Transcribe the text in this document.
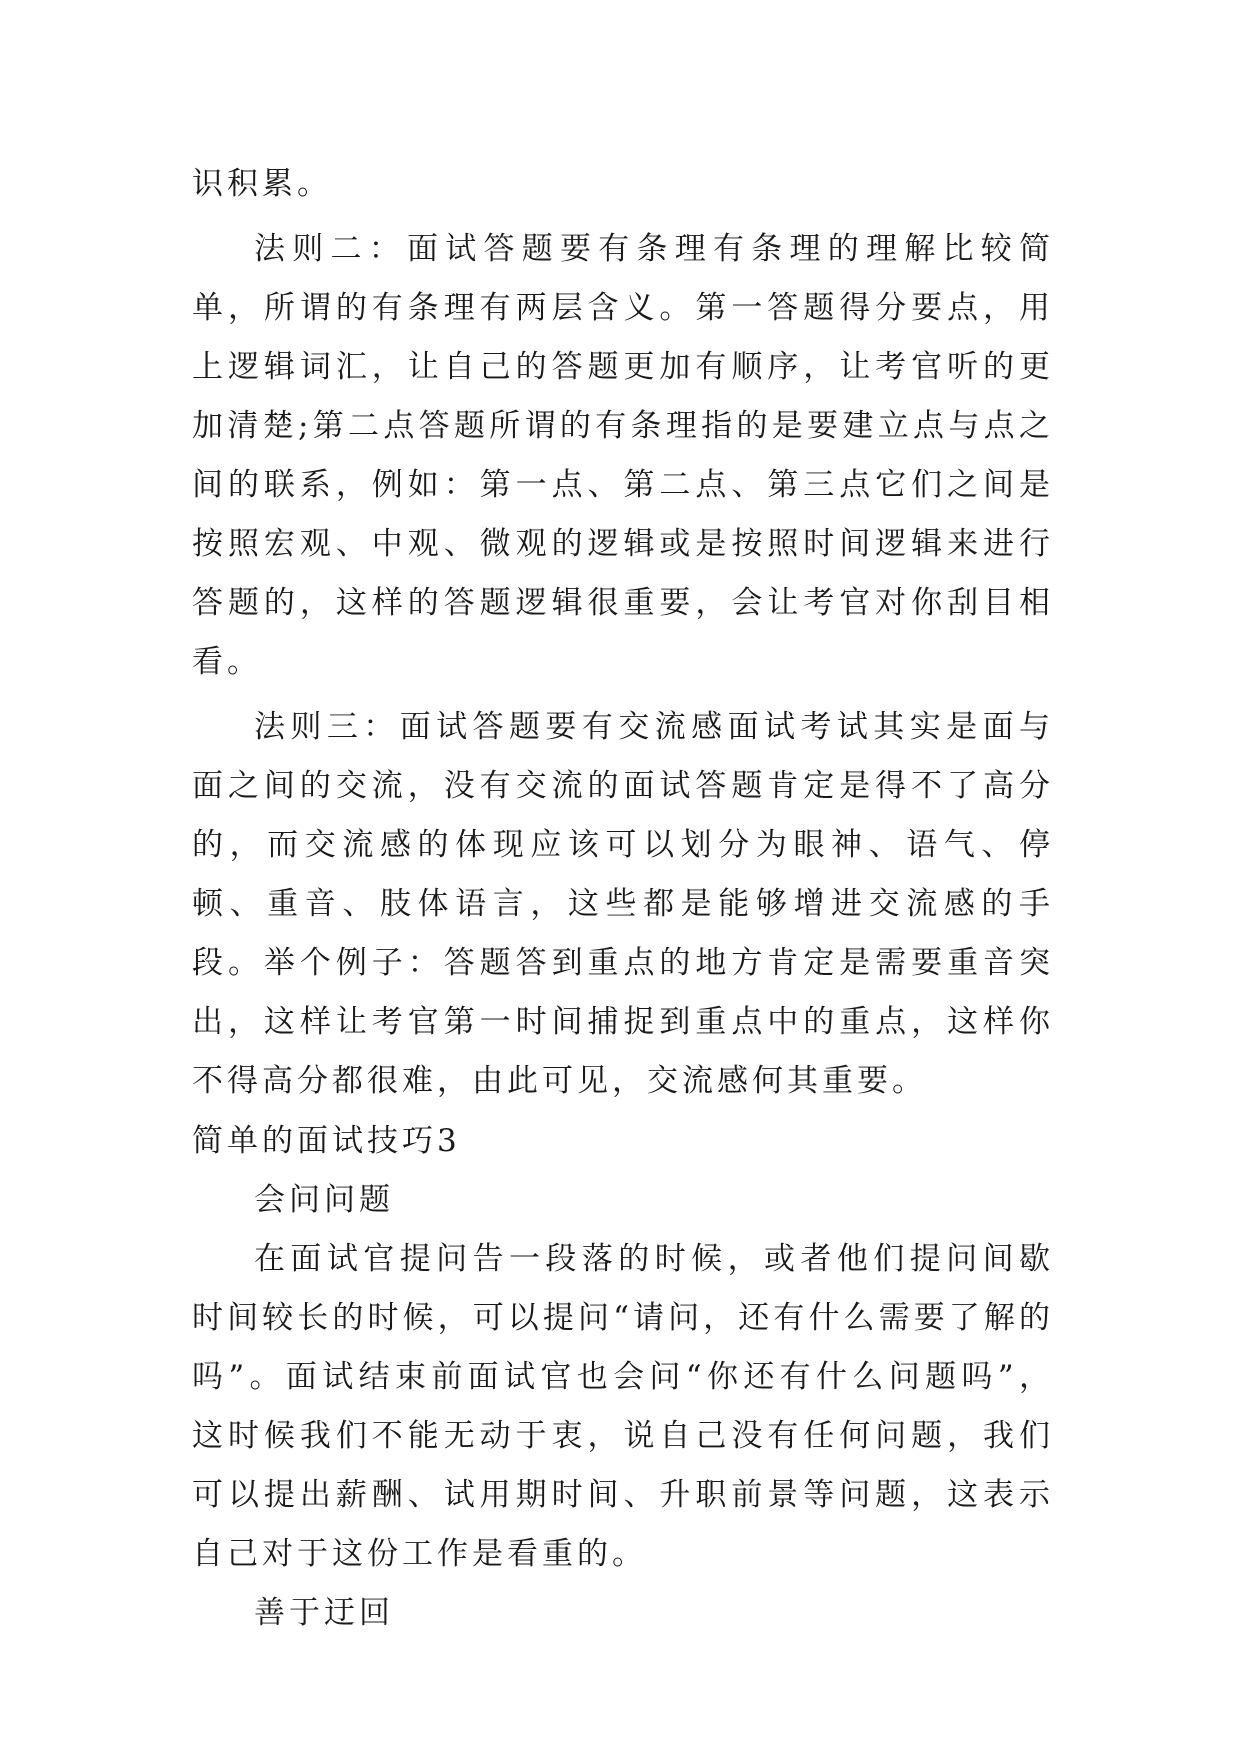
识积累。

法则二：面试答题要有条理有条理的理解比较简单，所谓的有条理有两层含义。第一答题得分要点，用上逻辑词汇，让自己的答题更加有顺序，让考官听的更加清楚;第二点答题所谓的有条理指的是要建立点与点之间的联系，例如：第一点、第二点、第三点它们之间是按照宏观、中观、微观的逻辑或是按照时间逻辑来进行答题的，这样的答题逻辑很重要，会让考官对你刮目相看。

法则三：面试答题要有交流感面试考试其实是面与面之间的交流，没有交流的面试答题肯定是得不了高分的，而交流感的体现应该可以划分为眼神、语气、停顿、重音、肢体语言，这些都是能够增进交流感的手段。举个例子：答题答到重点的地方肯定是需要重音突出，这样让考官第一时间捕捉到重点中的重点，这样你不得高分都很难，由此可见，交流感何其重要。

简单的面试技巧3

会问问题

在面试官提问告一段落的时候，或者他们提问间歇时间较长的时候，可以提问“请问，还有什么需要了解的吗”。面试结束前面试官也会问“你还有什么问题吗”，这时候我们不能无动于衷，说自己没有任何问题，我们可以提出薪酬、试用期时间、升职前景等问题，这表示自己对于这份工作是看重的。

善于迂回
